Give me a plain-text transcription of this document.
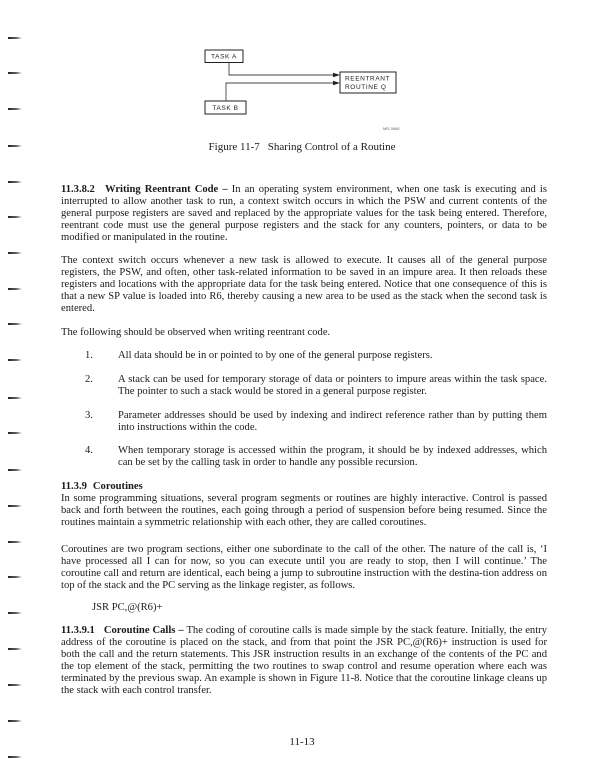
TASK A
TASK B
REENTRANT
ROUTINE Q
MR-3668
Figure 11-7 Sharing Control of a Routine
11.3.8.2 Writing Reentrant Code – In an operating system environment, when one task is executing and is interrupted to allow another task to run, a context switch occurs in which the PSW and current contents of the general purpose registers are saved and replaced by the appropriate values for the task being entered. Therefore, reentrant code must use the general purpose registers and the stack for any counters, pointers, or data to be modified or manipulated in the routine.
The context switch occurs whenever a new task is allowed to execute. It causes all of the general purpose registers, the PSW, and often, other task-related information to be saved in an impure area. It then reloads these registers and locations with the appropriate data for the task being entered. Notice that one consequence of this is that a new SP value is loaded into R6, thereby causing a new area to be used as the stack when the second task is entered.
The following should be observed when writing reentrant code.
1. All data should be in or pointed to by one of the general purpose registers.
2. A stack can be used for temporary storage of data or pointers to impure areas within the task space. The pointer to such a stack would be stored in a general purpose register.
3. Parameter addresses should be used by indexing and indirect reference rather than by putting them into instructions within the code.
4. When temporary storage is accessed within the program, it should be by indexed addresses, which can be set by the calling task in order to handle any possible recursion.
11.3.9 Coroutines
In some programming situations, several program segments or routines are highly interactive. Control is passed back and forth between the routines, each going through a period of suspension before being resumed. Since the routines maintain a symmetric relationship with each other, they are called coroutines.
Coroutines are two program sections, either one subordinate to the call of the other. The nature of the call is, ‘I have processed all I can for now, so you can execute until you are ready to stop, then I will continue.’ The coroutine call and return are identical, each being a jump to subroutine instruction with the destina-tion address on top of the stack and the PC serving as the linkage register, as follows.
JSR PC,@(R6)+
11.3.9.1 Coroutine Calls – The coding of coroutine calls is made simple by the stack feature. Initially, the entry address of the coroutine is placed on the stack, and from that point the JSR PC,@(R6)+ instruction is used for both the call and the return statements. This JSR instruction results in an exchange of the contents of the PC and the top element of the stack, permitting the two routines to swap control and resume operation where each was terminated by the previous swap. An example is shown in Figure 11-8. Notice that the coroutine linkage cleans up the stack with each control transfer.
11-13
